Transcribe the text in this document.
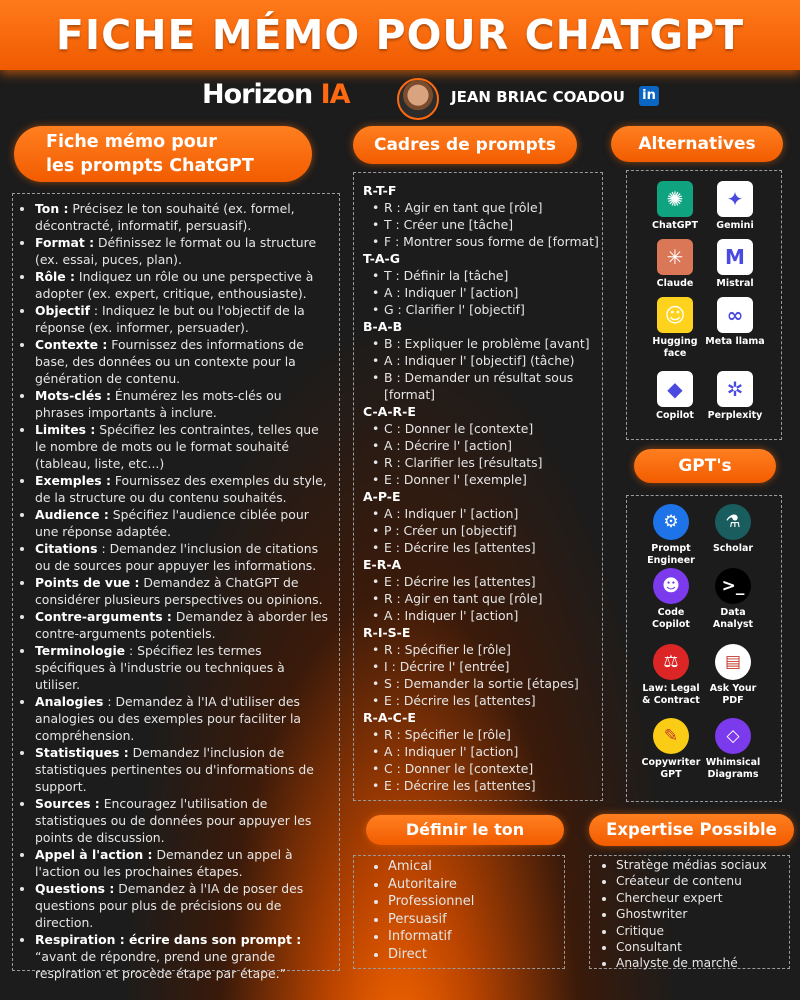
FICHE MÉMO POUR CHATGPT
Horizon IA	JEAN BRIAC COADOU in
Fiche mémo pour
les prompts ChatGPT
• Ton : Précisez le ton souhaité (ex. formel, décontracté, informatif, persuasif).
• Format : Définissez le format ou la structure (ex. essai, puces, plan).
• Rôle : Indiquez un rôle ou une perspective à adopter (ex. expert, critique, enthousiaste).
• Objectif : Indiquez le but ou l'objectif de la réponse (ex. informer, persuader).
• Contexte : Fournissez des informations de base, des données ou un contexte pour la génération de contenu.
• Mots-clés : Énumérez les mots-clés ou phrases importants à inclure.
• Limites : Spécifiez les contraintes, telles que le nombre de mots ou le format souhaité (tableau, liste, etc...)
• Exemples : Fournissez des exemples du style, de la structure ou du contenu souhaités.
• Audience : Spécifiez l'audience ciblée pour une réponse adaptée.
• Citations : Demandez l'inclusion de citations ou de sources pour appuyer les informations.
• Points de vue : Demandez à ChatGPT de considérer plusieurs perspectives ou opinions.
• Contre-arguments : Demandez à aborder les contre-arguments potentiels.
• Terminologie : Spécifiez les termes spécifiques à l'industrie ou techniques à utiliser.
• Analogies : Demandez à l'IA d'utiliser des analogies ou des exemples pour faciliter la compréhension.
• Statistiques : Demandez l'inclusion de statistiques pertinentes ou d'informations de support.
• Sources : Encouragez l'utilisation de statistiques ou de données pour appuyer les points de discussion.
• Appel à l'action : Demandez un appel à l'action ou les prochaines étapes.
• Questions : Demandez à l'IA de poser des questions pour plus de précisions ou de direction.
• Respiration : écrire dans son prompt : “avant de répondre, prend une grande respiration et procède étape par étape.”
Cadres de prompts
R-T-F
• R : Agir en tant que [rôle]
• T : Créer une [tâche]
• F : Montrer sous forme de [format]
T-A-G
• T : Définir la [tâche]
• A : Indiquer l' [action]
• G : Clarifier l' [objectif]
B-A-B
• B : Expliquer le problème [avant]
• A : Indiquer l' [objectif] (tâche)
• B : Demander un résultat sous [format]
C-A-R-E
• C : Donner le [contexte]
• A : Décrire l' [action]
• R : Clarifier les [résultats]
• E : Donner l' [exemple]
A-P-E
• A : Indiquer l' [action]
• P : Créer un [objectif]
• E : Décrire les [attentes]
E-R-A
• E : Décrire les [attentes]
• R : Agir en tant que [rôle]
• A : Indiquer l' [action]
R-I-S-E
• R : Spécifier le [rôle]
• I : Décrire l' [entrée]
• S : Demander la sortie [étapes]
• E : Décrire les [attentes]
R-A-C-E
• R : Spécifier le [rôle]
• A : Indiquer l' [action]
• C : Donner le [contexte]
• E : Décrire les [attentes]
Définir le ton
• Amical
• Autoritaire
• Professionnel
• Persuasif
• Informatif
• Direct
Alternatives
✺
ChatGPT
✦
Gemini
✳
Claude
M
Mistral
☺
Hugging face
∞
Meta llama
◆
Copilot
✲
Perplexity
GPT's
⚙
Prompt Engineer
⚗
Scholar
☻
Code Copilot
>_
Data Analyst
⚖
Law: Legal & Contract
▤
Ask Your PDF
✎
Copywriter GPT
◇
Whimsical Diagrams
Expertise Possible
• Stratège médias sociaux
• Créateur de contenu
• Chercheur expert
• Ghostwriter
• Critique
• Consultant
• Analyste de marché
